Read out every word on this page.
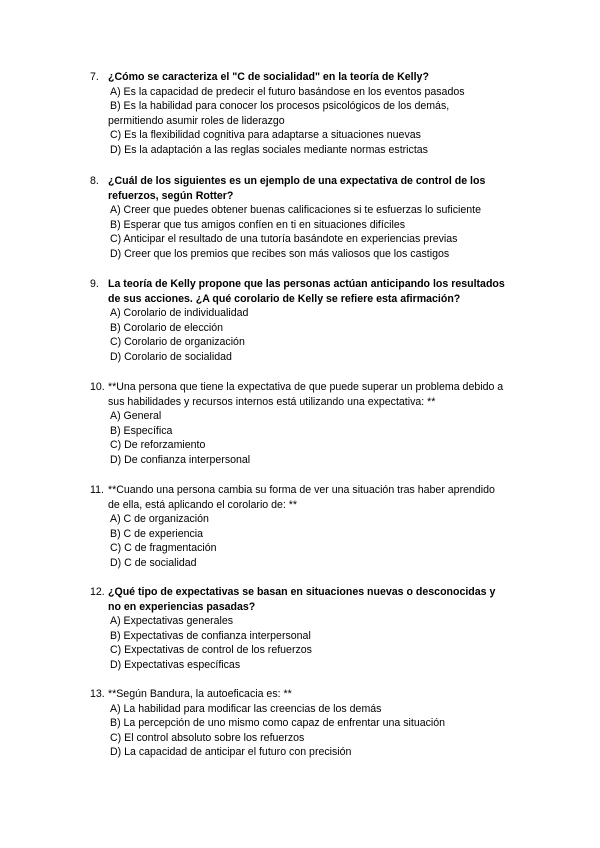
7. ¿Cómo se caracteriza el "C de socialidad" en la teoría de Kelly?
A) Es la capacidad de predecir el futuro basándose en los eventos pasados
B) Es la habilidad para conocer los procesos psicológicos de los demás,
permitiendo asumir roles de liderazgo
C) Es la flexibilidad cognitiva para adaptarse a situaciones nuevas
D) Es la adaptación a las reglas sociales mediante normas estrictas
8. ¿Cuál de los siguientes es un ejemplo de una expectativa de control de los
refuerzos, según Rotter?
A) Creer que puedes obtener buenas calificaciones si te esfuerzas lo suficiente
B) Esperar que tus amigos confíen en ti en situaciones difíciles
C) Anticipar el resultado de una tutoría basándote en experiencias previas
D) Creer que los premios que recibes son más valiosos que los castigos
9. La teoría de Kelly propone que las personas actúan anticipando los resultados
de sus acciones. ¿A qué corolario de Kelly se refiere esta afirmación?
A) Corolario de individualidad
B) Corolario de elección
C) Corolario de organización
D) Corolario de socialidad
10. **Una persona que tiene la expectativa de que puede superar un problema debido a
sus habilidades y recursos internos está utilizando una expectativa: **
A) General
B) Específica
C) De reforzamiento
D) De confianza interpersonal
11. **Cuando una persona cambia su forma de ver una situación tras haber aprendido
de ella, está aplicando el corolario de: **
A) C de organización
B) C de experiencia
C) C de fragmentación
D) C de socialidad
12. ¿Qué tipo de expectativas se basan en situaciones nuevas o desconocidas y
no en experiencias pasadas?
A) Expectativas generales
B) Expectativas de confianza interpersonal
C) Expectativas de control de los refuerzos
D) Expectativas específicas
13. **Según Bandura, la autoeficacia es: **
A) La habilidad para modificar las creencias de los demás
B) La percepción de uno mismo como capaz de enfrentar una situación
C) El control absoluto sobre los refuerzos
D) La capacidad de anticipar el futuro con precisión
